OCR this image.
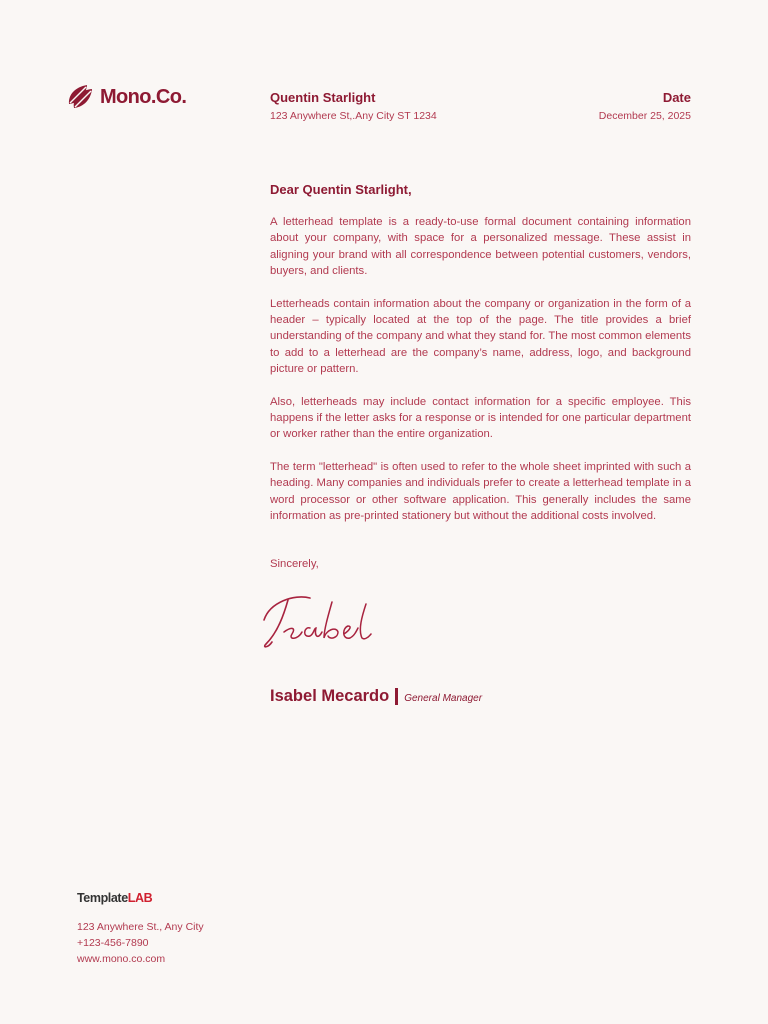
Mono.Co.	Quentin Starlight
123 Anywhere St,.Any City ST 1234
Date
December 25, 2025
Dear Quentin Starlight,

A letterhead template is a ready-to-use formal document containing information about your company, with space for a personalized message. These assist in aligning your brand with all correspondence between potential customers, vendors, buyers, and clients.

Letterheads contain information about the company or organization in the form of a header – typically located at the top of the page. The title provides a brief understanding of the company and what they stand for. The most common elements to add to a letterhead are the company’s name, address, logo, and background picture or pattern.

Also, letterheads may include contact information for a specific employee. This happens if the letter asks for a response or is intended for one particular department or worker rather than the entire organization.

The term "letterhead" is often used to refer to the whole sheet imprinted with such a heading. Many companies and individuals prefer to create a letterhead template in a word processor or other software application. This generally includes the same information as pre-printed stationery but without the additional costs involved.

Sincerely,
Isabel Mecardo General Manager
TemplateLAB
123 Anywhere St., Any City
+123-456-7890
www.mono.co.com
